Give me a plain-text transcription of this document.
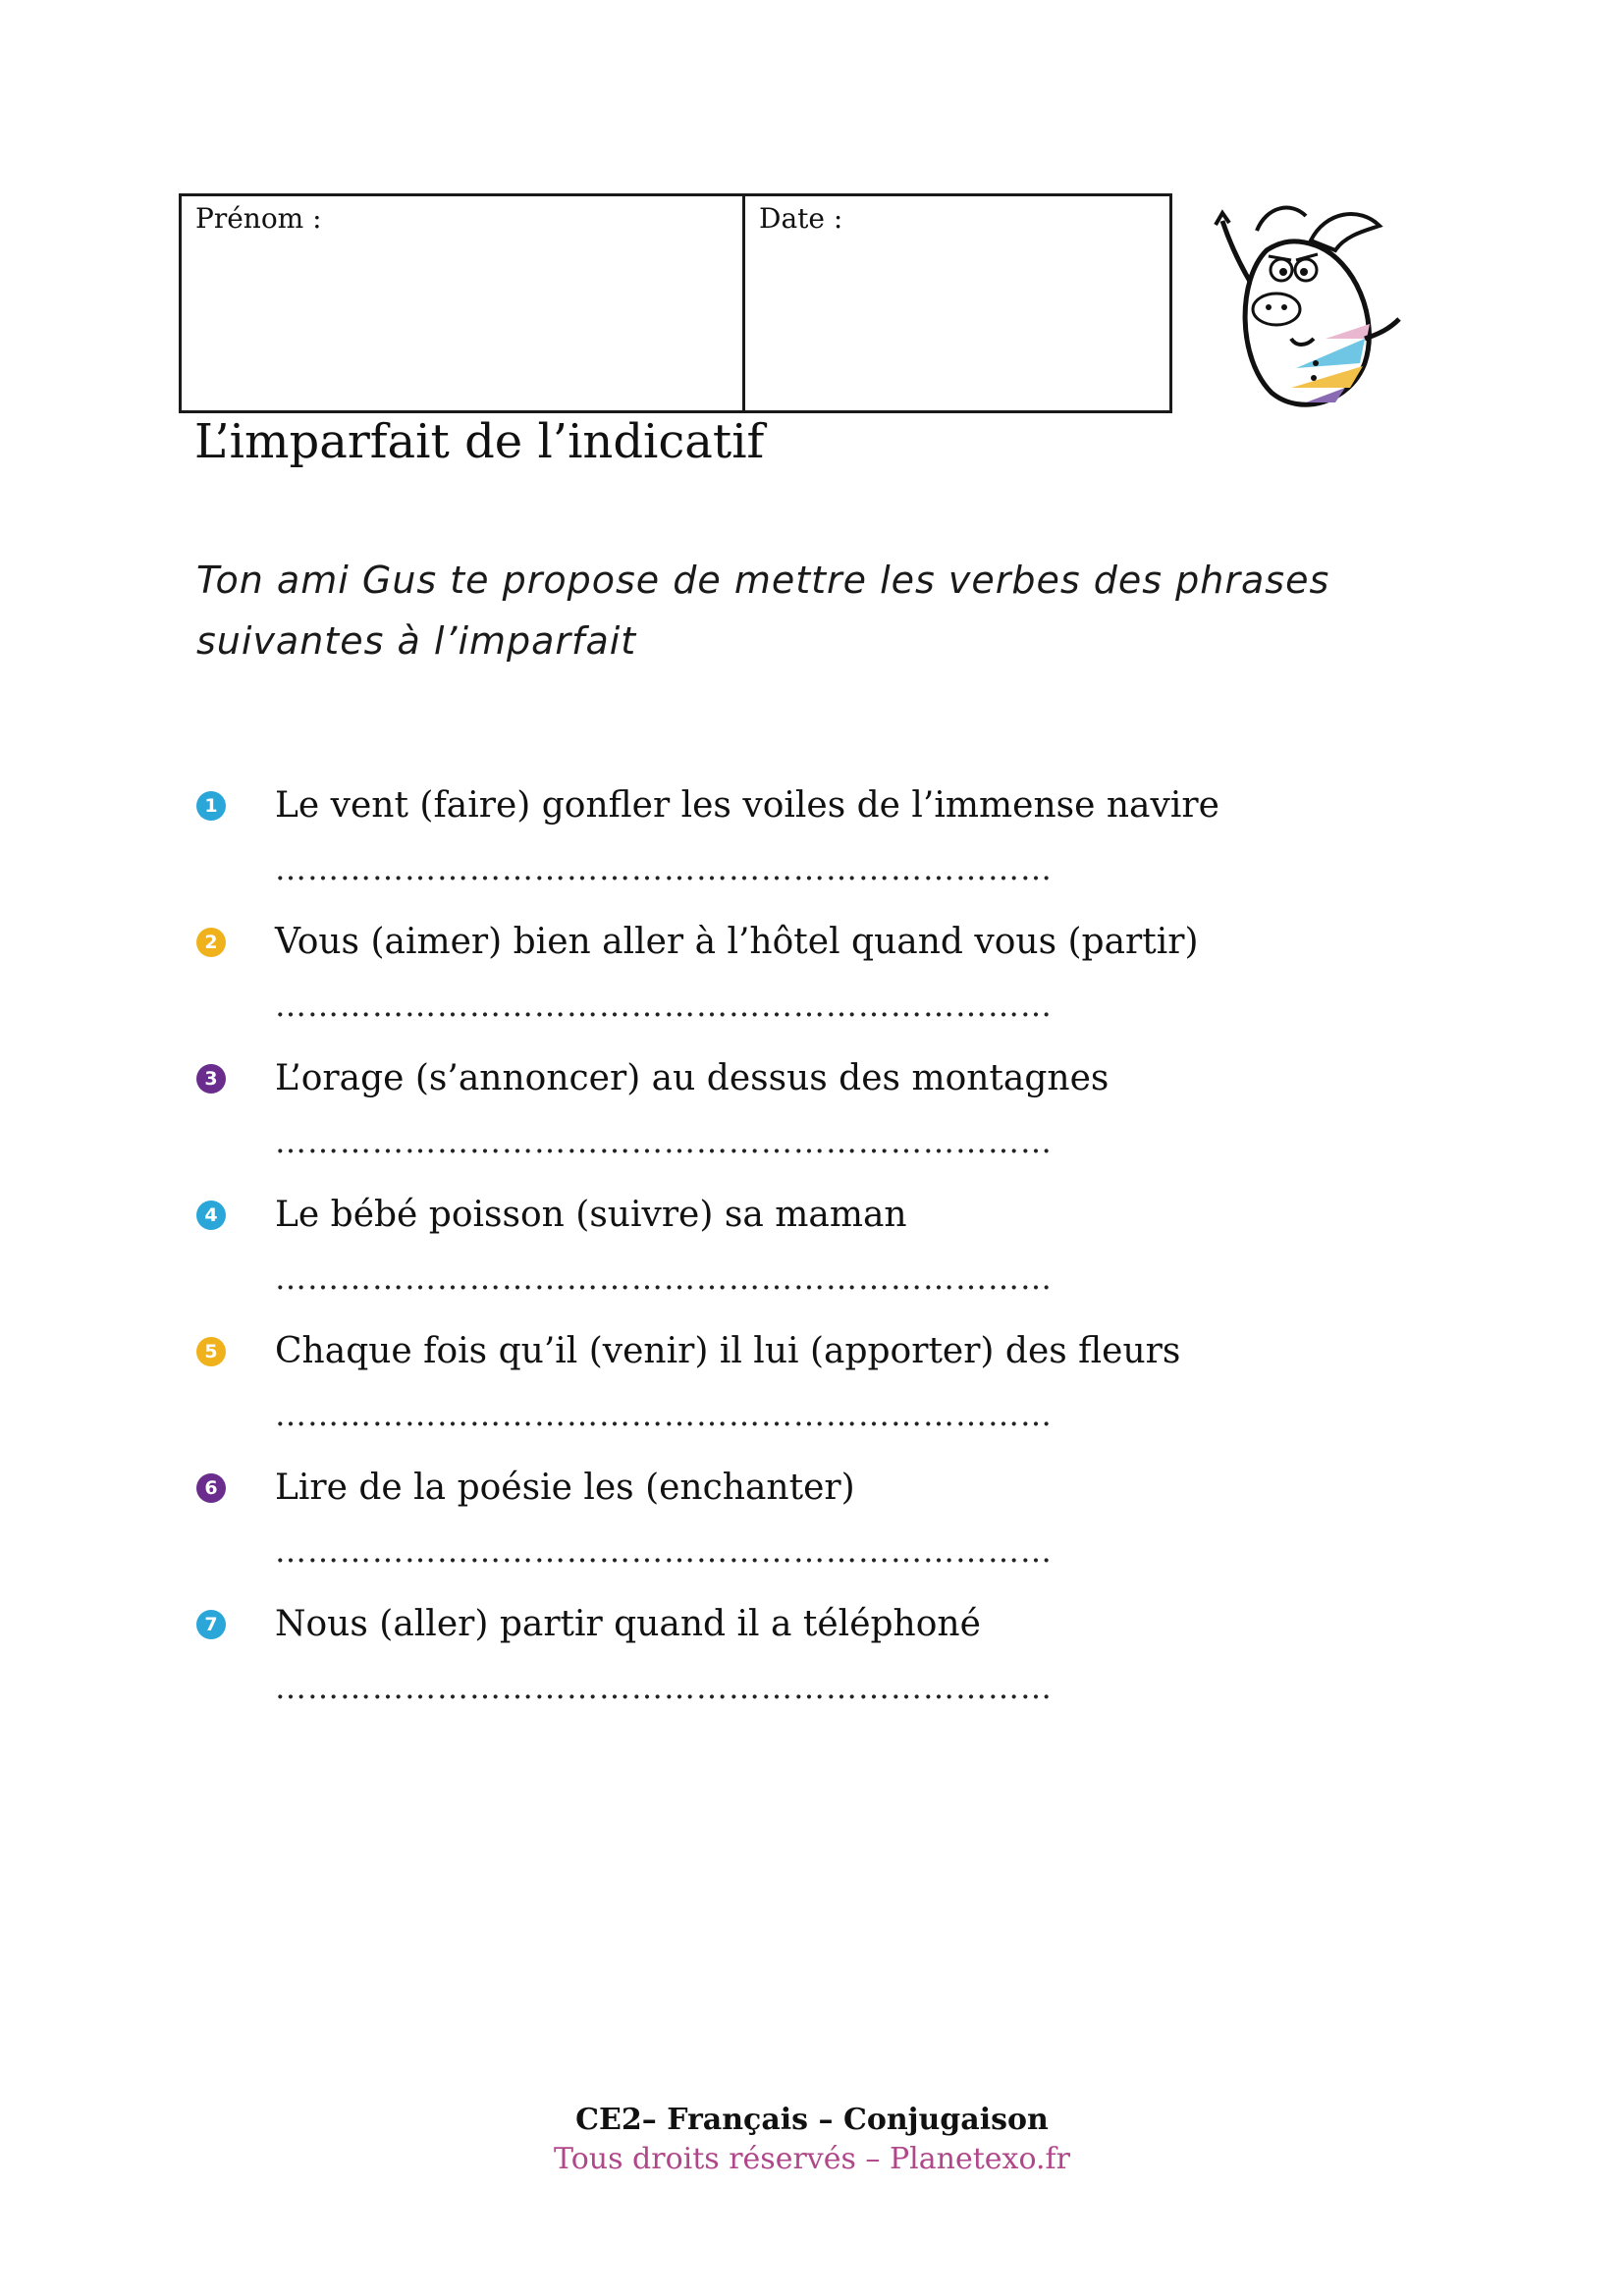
Prénom :	Date :
L’imparfait de l’indicatif

Ton ami Gus te propose de mettre les verbes des phrases suivantes à l’imparfait

1 Le vent (faire) gonfler les voiles de l’immense navire
………………………………………………………………
2 Vous (aimer) bien aller à l’hôtel quand vous (partir)
………………………………………………………………
3 L’orage (s’annoncer) au dessus des montagnes
………………………………………………………………
4 Le bébé poisson (suivre) sa maman
………………………………………………………………
5 Chaque fois qu’il (venir) il lui (apporter) des fleurs
………………………………………………………………
6 Lire de la poésie les (enchanter)
………………………………………………………………
7 Nous (aller) partir quand il a téléphoné
………………………………………………………………
CE2– Français – Conjugaison
Tous droits réservés – Planetexo.fr
